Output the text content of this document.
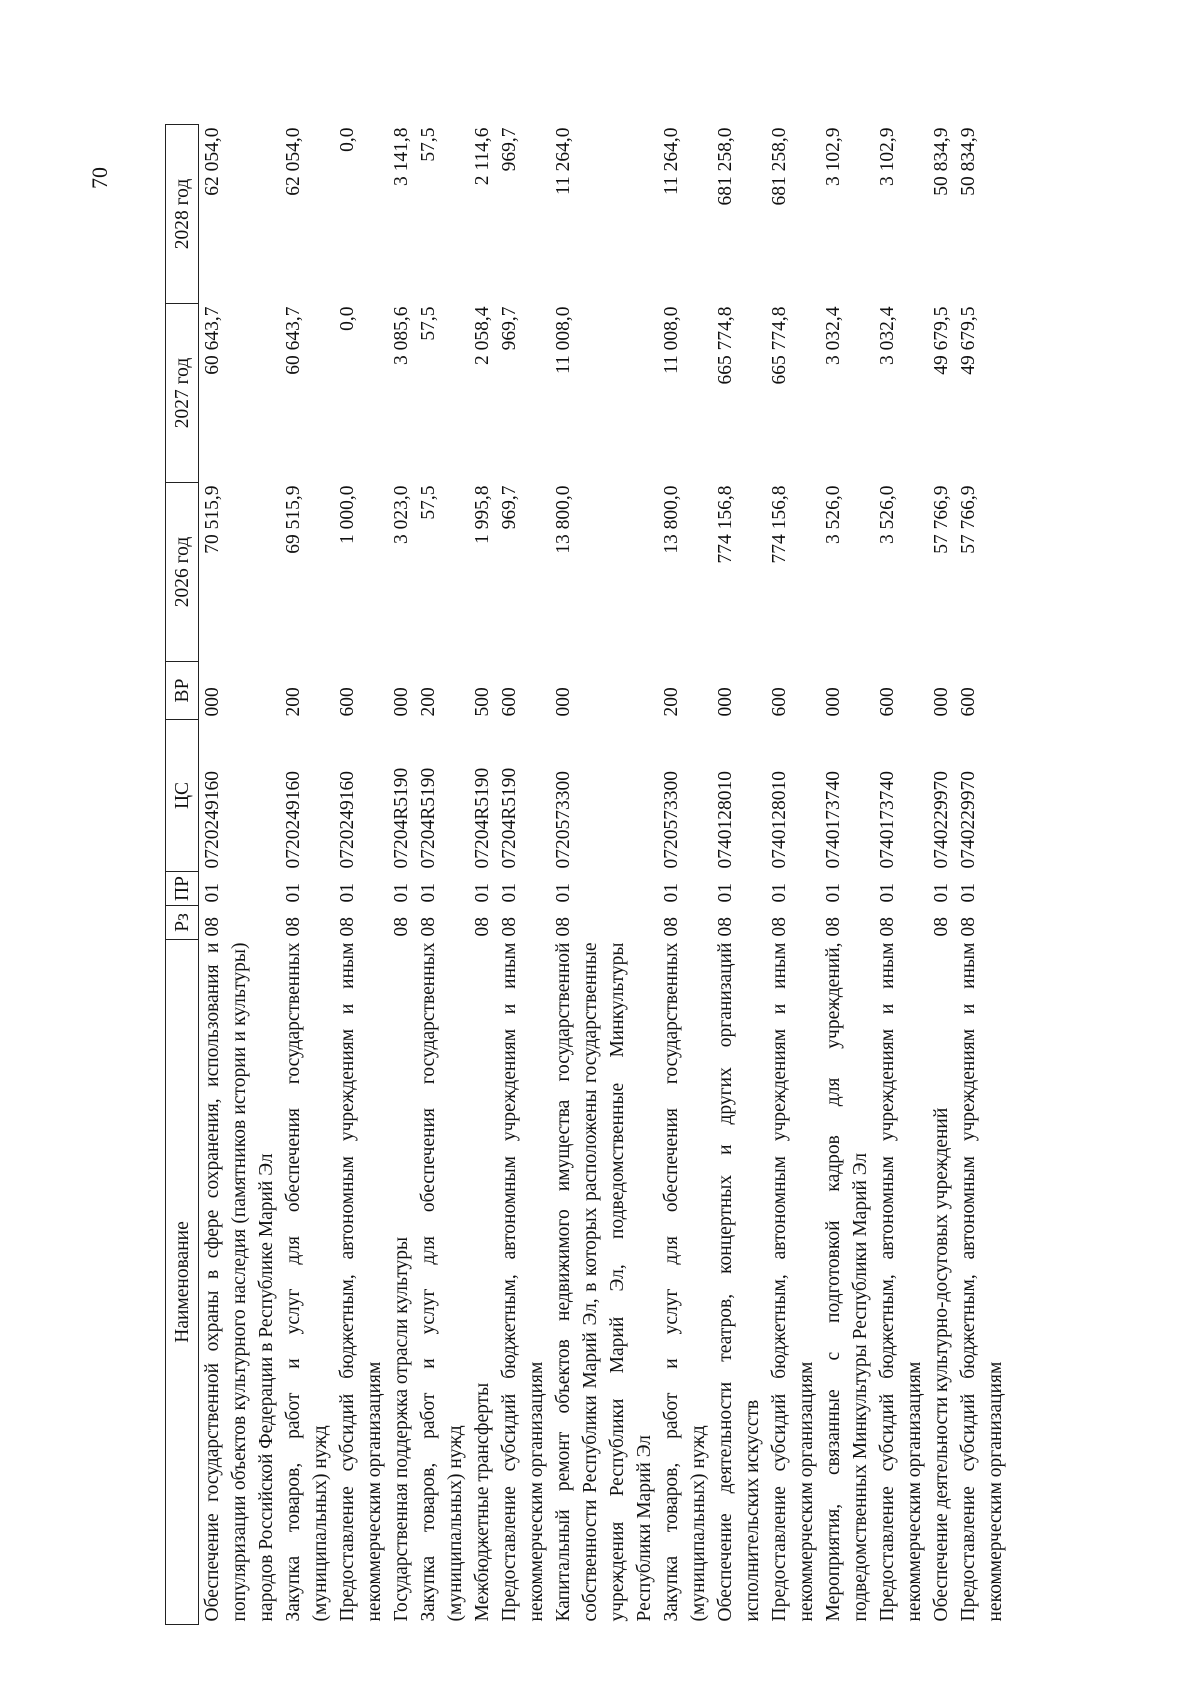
70
Наименование	Рз	ПР	ЦС	ВР	2026 год	2027 год	2028 год
Обеспечение государственной охраны в сфере сохранения, использования и популяризации объектов культурного наследия (памятников истории и культуры) народов Российской Федерации в Республике Марий Эл	08	01	0720249160	000	70 515,9	60 643,7	62 054,0
Закупка товаров, работ и услуг для обеспечения государственных (муниципальных) нужд	08	01	0720249160	200	69 515,9	60 643,7	62 054,0
Предоставление субсидий бюджетным, автономным учреждениям и иным некоммерческим организациям	08	01	0720249160	600	1 000,0	0,0	0,0
Государственная поддержка отрасли культуры	08	01	07204R5190	000	3 023,0	3 085,6	3 141,8
Закупка товаров, работ и услуг для обеспечения государственных (муниципальных) нужд	08	01	07204R5190	200	57,5	57,5	57,5
Межбюджетные трансферты	08	01	07204R5190	500	1 995,8	2 058,4	2 114,6
Предоставление субсидий бюджетным, автономным учреждениям и иным некоммерческим организациям	08	01	07204R5190	600	969,7	969,7	969,7
Капитальный ремонт объектов недвижимого имущества государственной собственности Республики Марий Эл, в которых расположены государственные учреждения Республики Марий Эл, подведомственные Минкультуры Республики Марий Эл	08	01	0720573300	000	13 800,0	11 008,0	11 264,0
Закупка товаров, работ и услуг для обеспечения государственных (муниципальных) нужд	08	01	0720573300	200	13 800,0	11 008,0	11 264,0
Обеспечение деятельности театров, концертных и других организаций исполнительских искусств	08	01	0740128010	000	774 156,8	665 774,8	681 258,0
Предоставление субсидий бюджетным, автономным учреждениям и иным некоммерческим организациям	08	01	0740128010	600	774 156,8	665 774,8	681 258,0
Мероприятия, связанные с подготовкой кадров для учреждений, подведомственных Минкультуры Республики Марий Эл	08	01	0740173740	000	3 526,0	3 032,4	3 102,9
Предоставление субсидий бюджетным, автономным учреждениям и иным некоммерческим организациям	08	01	0740173740	600	3 526,0	3 032,4	3 102,9
Обеспечение деятельности культурно-досуговых учреждений	08	01	0740229970	000	57 766,9	49 679,5	50 834,9
Предоставление субсидий бюджетным, автономным учреждениям и иным некоммерческим организациям	08	01	0740229970	600	57 766,9	49 679,5	50 834,9
